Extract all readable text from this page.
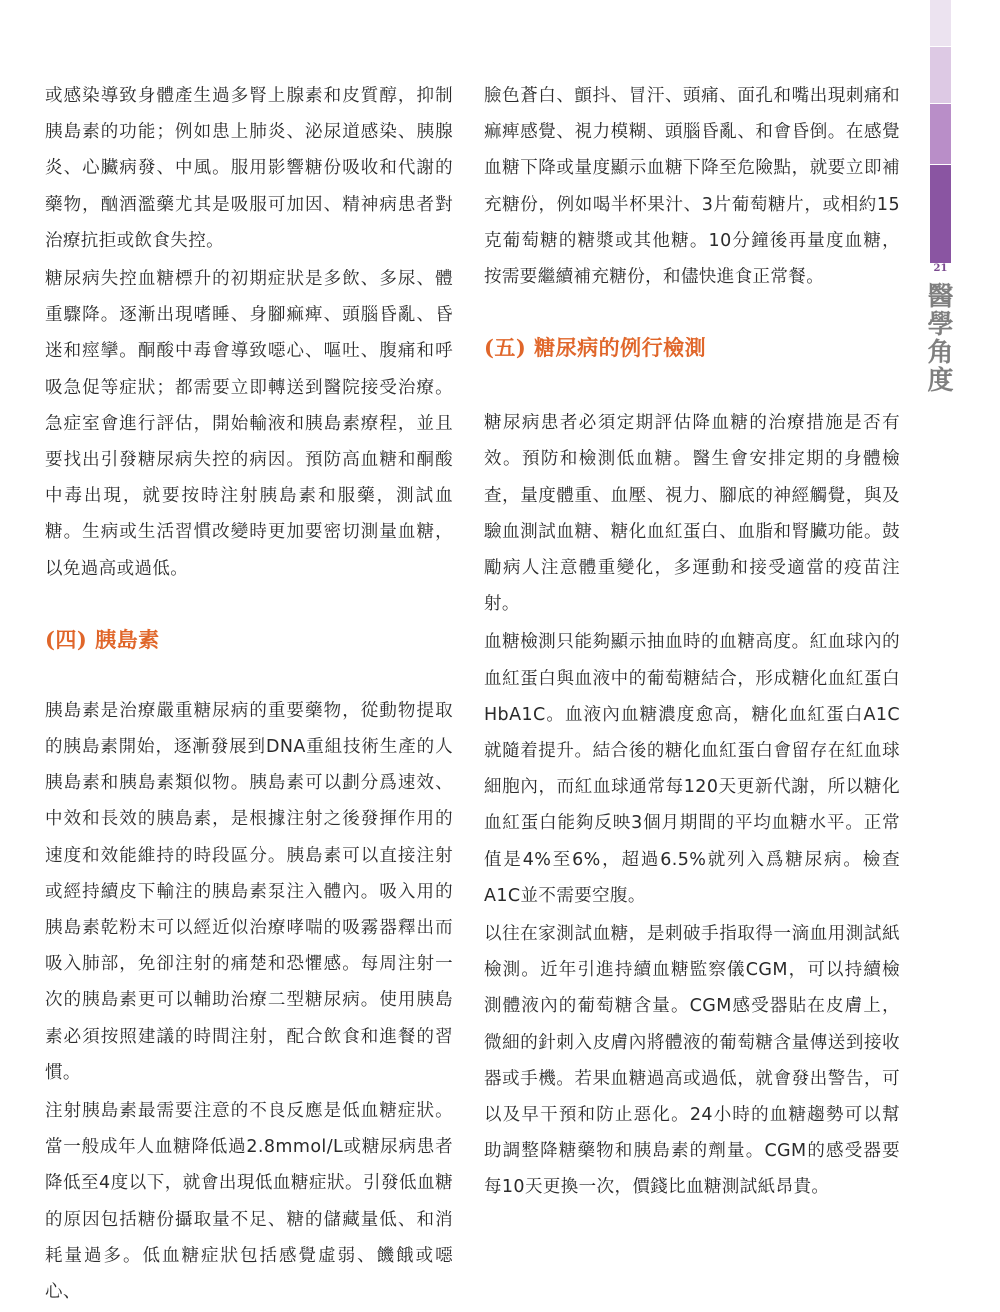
或感染導致身體產生過多腎上腺素和皮質醇，抑制胰島素的功能；例如患上肺炎、泌尿道感染、胰腺炎、心臟病發、中風。服用影響糖份吸收和代謝的藥物，酗酒濫藥尤其是吸服可加因、精神病患者對治療抗拒或飲食失控。

糖尿病失控血糖標升的初期症狀是多飲、多尿、體重驟降。逐漸出現嗜睡、身腳痲痺、頭腦昏亂、昏迷和痙攣。酮酸中毒會導致噁心、嘔吐、腹痛和呼吸急促等症狀；都需要立即轉送到醫院接受治療。急症室會進行評估，開始輸液和胰島素療程，並且要找出引發糖尿病失控的病因。預防高血糖和酮酸中毒出現，就要按時注射胰島素和服藥，測試血糖。生病或生活習慣改變時更加要密切測量血糖，以免過高或過低。

(四) 胰島素

胰島素是治療嚴重糖尿病的重要藥物，從動物提取的胰島素開始，逐漸發展到DNA重組技術生產的人胰島素和胰島素類似物。胰島素可以劃分爲速效、中效和長效的胰島素，是根據注射之後發揮作用的速度和效能維持的時段區分。胰島素可以直接注射或經持續皮下輸注的胰島素泵注入體內。吸入用的胰島素乾粉末可以經近似治療哮喘的吸霧器釋出而吸入肺部，免卻注射的痛楚和恐懼感。每周注射一次的胰島素更可以輔助治療二型糖尿病。使用胰島素必須按照建議的時間注射，配合飲食和進餐的習慣。

注射胰島素最需要注意的不良反應是低血糖症狀。當一般成年人血糖降低過2.8mmol/L或糖尿病患者降低至4度以下，就會出現低血糖症狀。引發低血糖的原因包括糖份攝取量不足、糖的儲藏量低、和消耗量過多。低血糖症狀包括感覺虛弱、饑餓或噁心、

臉色蒼白、顫抖、冒汗、頭痛、面孔和嘴出現刺痛和痲痺感覺、視力模糊、頭腦昏亂、和會昏倒。在感覺血糖下降或量度顯示血糖下降至危險點，就要立即補充糖份，例如喝半杯果汁、3片葡萄糖片，或相約15克葡萄糖的糖漿或其他糖。10分鐘後再量度血糖，按需要繼續補充糖份，和儘快進食正常餐。

(五) 糖尿病的例行檢測

糖尿病患者必須定期評估降血糖的治療措施是否有效。預防和檢測低血糖。醫生會安排定期的身體檢查，量度體重、血壓、視力、腳底的神經觸覺，與及驗血測試血糖、糖化血紅蛋白、血脂和腎臟功能。鼓勵病人注意體重變化，多運動和接受適當的疫苗注射。

血糖檢測只能夠顯示抽血時的血糖高度。紅血球內的血紅蛋白與血液中的葡萄糖結合，形成糖化血紅蛋白HbA1C。血液內血糖濃度愈高，糖化血紅蛋白A1C就隨着提升。結合後的糖化血紅蛋白會留存在紅血球細胞內，而紅血球通常每120天更新代謝，所以糖化血紅蛋白能夠反映3個月期間的平均血糖水平。正常值是4%至6%，超過6.5%就列入爲糖尿病。檢查A1C並不需要空腹。

以往在家測試血糖，是刺破手指取得一滴血用測試紙檢測。近年引進持續血糖監察儀CGM，可以持續檢測體液內的葡萄糖含量。CGM感受器貼在皮膚上，微細的針刺入皮膚內將體液的葡萄糖含量傳送到接收器或手機。若果血糖過高或過低，就會發出警告，可以及早干預和防止惡化。24小時的血糖趨勢可以幫助調整降糖藥物和胰島素的劑量。CGM的感受器要每10天更換一次，價錢比血糖測試紙昂貴。

21
醫學角度
